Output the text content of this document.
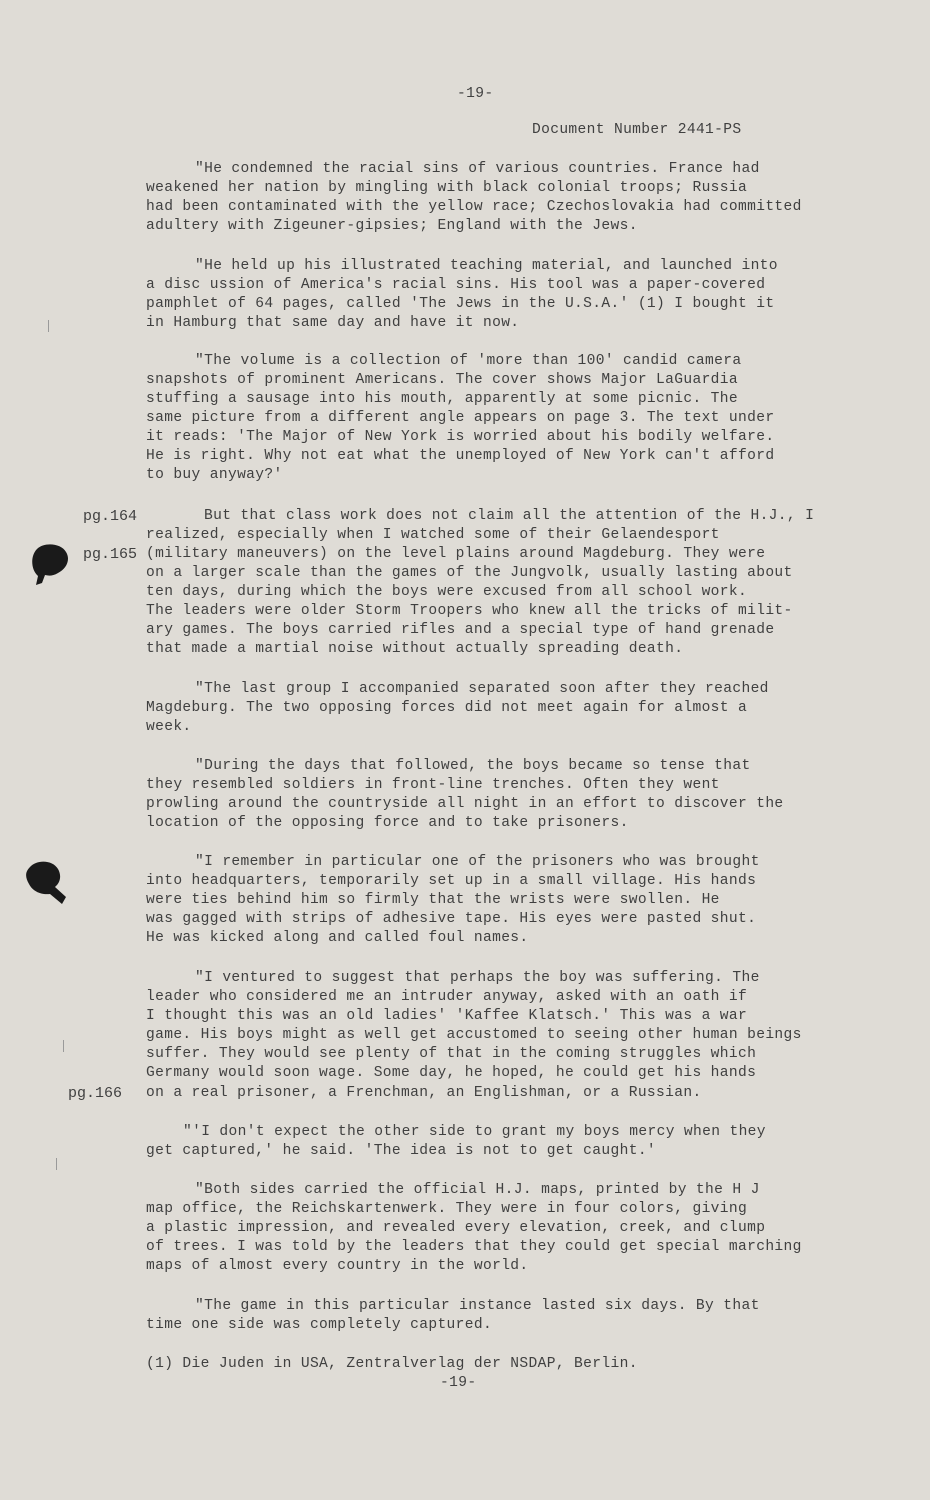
-19-
Document Number 2441-PS
"He condemned the racial sins of various countries. France had
weakened her nation by mingling with black colonial troops; Russia
had been contaminated with the yellow race; Czechoslovakia had committed
adultery with Zigeuner-gipsies; England with the Jews.
"He held up his illustrated teaching material, and launched into
a disc ussion of America's racial sins. His tool was a paper-covered
pamphlet of 64 pages, called 'The Jews in the U.S.A.' (1) I bought it
in Hamburg that same day and have it now.
"The volume is a collection of 'more than 100' candid camera
snapshots of prominent Americans. The cover shows Major LaGuardia
stuffing a sausage into his mouth, apparently at some picnic. The
same picture from a different angle appears on page 3. The text under
it reads: 'The Major of New York is worried about his bodily welfare.
He is right. Why not eat what the unemployed of New York can't afford
to buy anyway?'
pg.164	But that class work does not claim all the attention of the H.J., I
realized, especially when I watched some of their Gelaendesport
pg.165 (military maneuvers) on the level plains around Magdeburg. They were
on a larger scale than the games of the Jungvolk, usually lasting about
ten days, during which the boys were excused from all school work.
The leaders were older Storm Troopers who knew all the tricks of milit-
ary games. The boys carried rifles and a special type of hand grenade
that made a martial noise without actually spreading death.
"The last group I accompanied separated soon after they reached
Magdeburg. The two opposing forces did not meet again for almost a
week.
"During the days that followed, the boys became so tense that
they resembled soldiers in front-line trenches. Often they went
prowling around the countryside all night in an effort to discover the
location of the opposing force and to take prisoners.
"I remember in particular one of the prisoners who was brought
into headquarters, temporarily set up in a small village. His hands
were ties behind him so firmly that the wrists were swollen. He
was gagged with strips of adhesive tape. His eyes were pasted shut.
He was kicked along and called foul names.
"I ventured to suggest that perhaps the boy was suffering. The
leader who considered me an intruder anyway, asked with an oath if
I thought this was an old ladies' 'Kaffee Klatsch.' This was a war
game. His boys might as well get accustomed to seeing other human beings
suffer. They would see plenty of that in the coming struggles which
Germany would soon wage. Some day, he hoped, he could get his hands
pg.166 on a real prisoner, a Frenchman, an Englishman, or a Russian.
"'I don't expect the other side to grant my boys mercy when they
get captured,' he said. 'The idea is not to get caught.'
"Both sides carried the official H.J. maps, printed by the H J
map office, the Reichskartenwerk. They were in four colors, giving
a plastic impression, and revealed every elevation, creek, and clump
of trees. I was told by the leaders that they could get special marching
maps of almost every country in the world.
"The game in this particular instance lasted six days. By that
time one side was completely captured.
(1) Die Juden in USA, Zentralverlag der NSDAP, Berlin.
-19-
